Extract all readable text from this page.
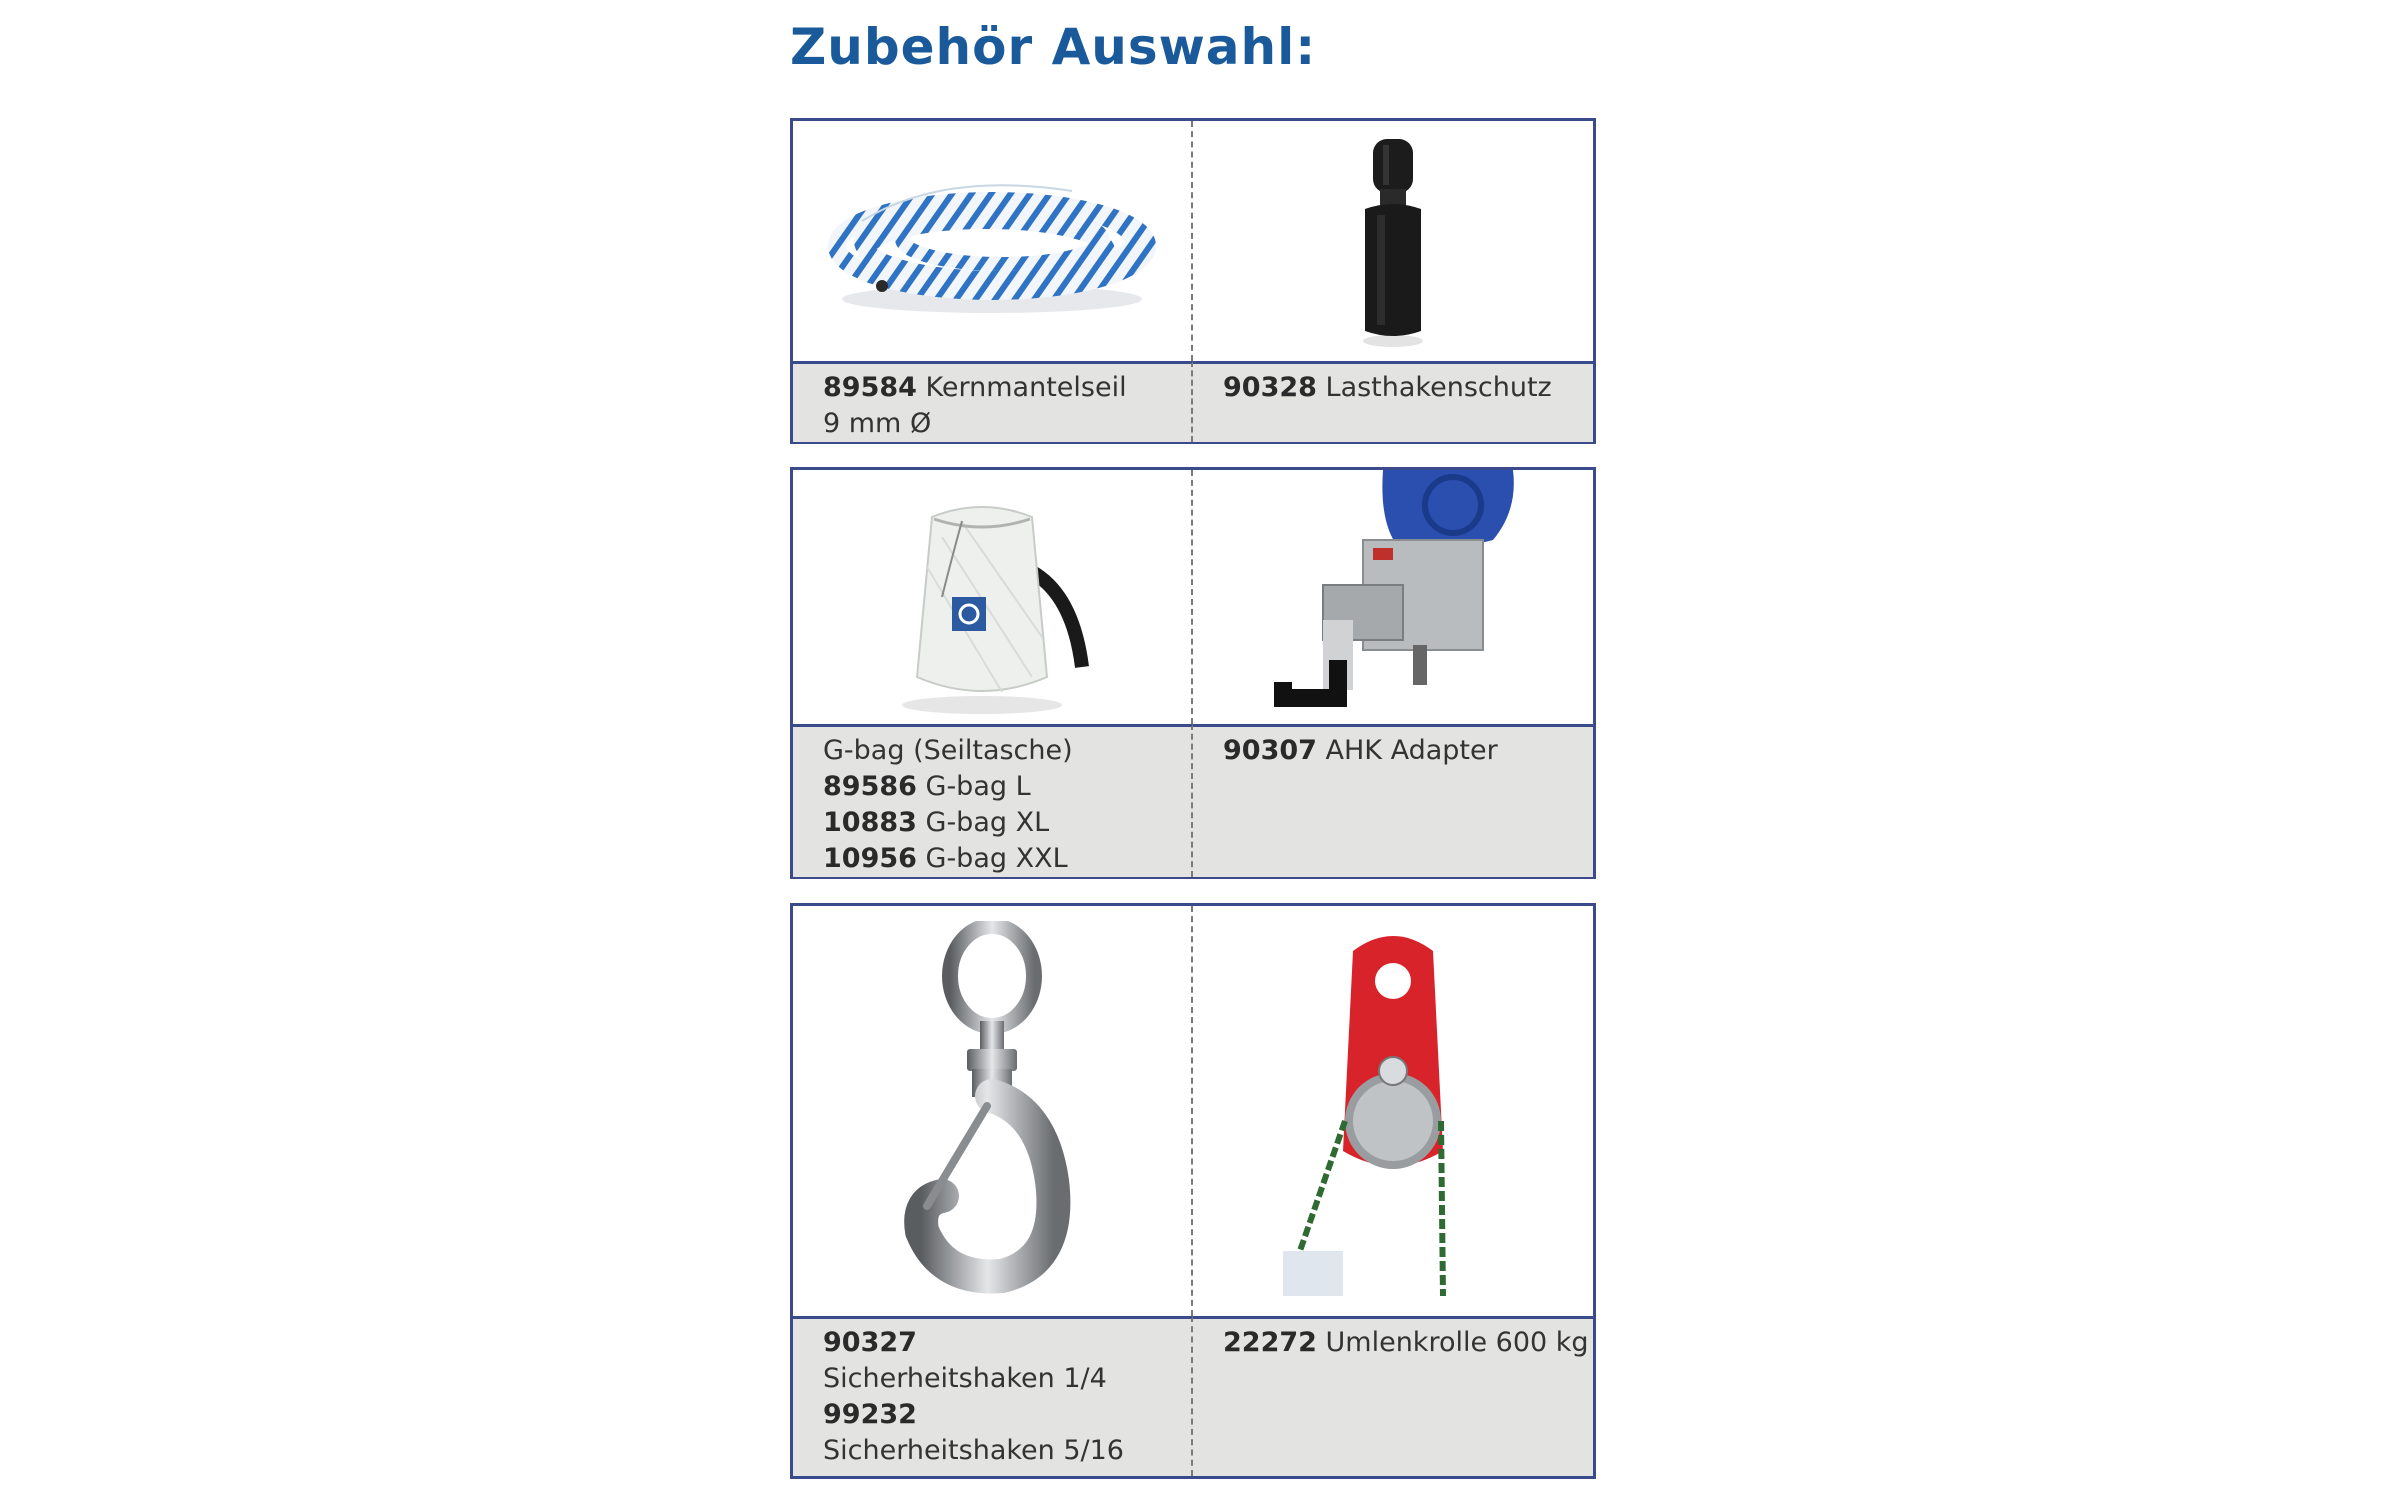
Zubehör Auswahl:
89584 Kernmantelseil
9 mm Ø
90328 Lasthakenschutz
G-bag (Seiltasche)
89586 G-bag L
10883 G-bag XL
10956 G-bag XXL
90307 AHK Adapter
90327
Sicherheitshaken 1/4
99232
Sicherheitshaken 5/16
22272 Umlenkrolle 600 kg
